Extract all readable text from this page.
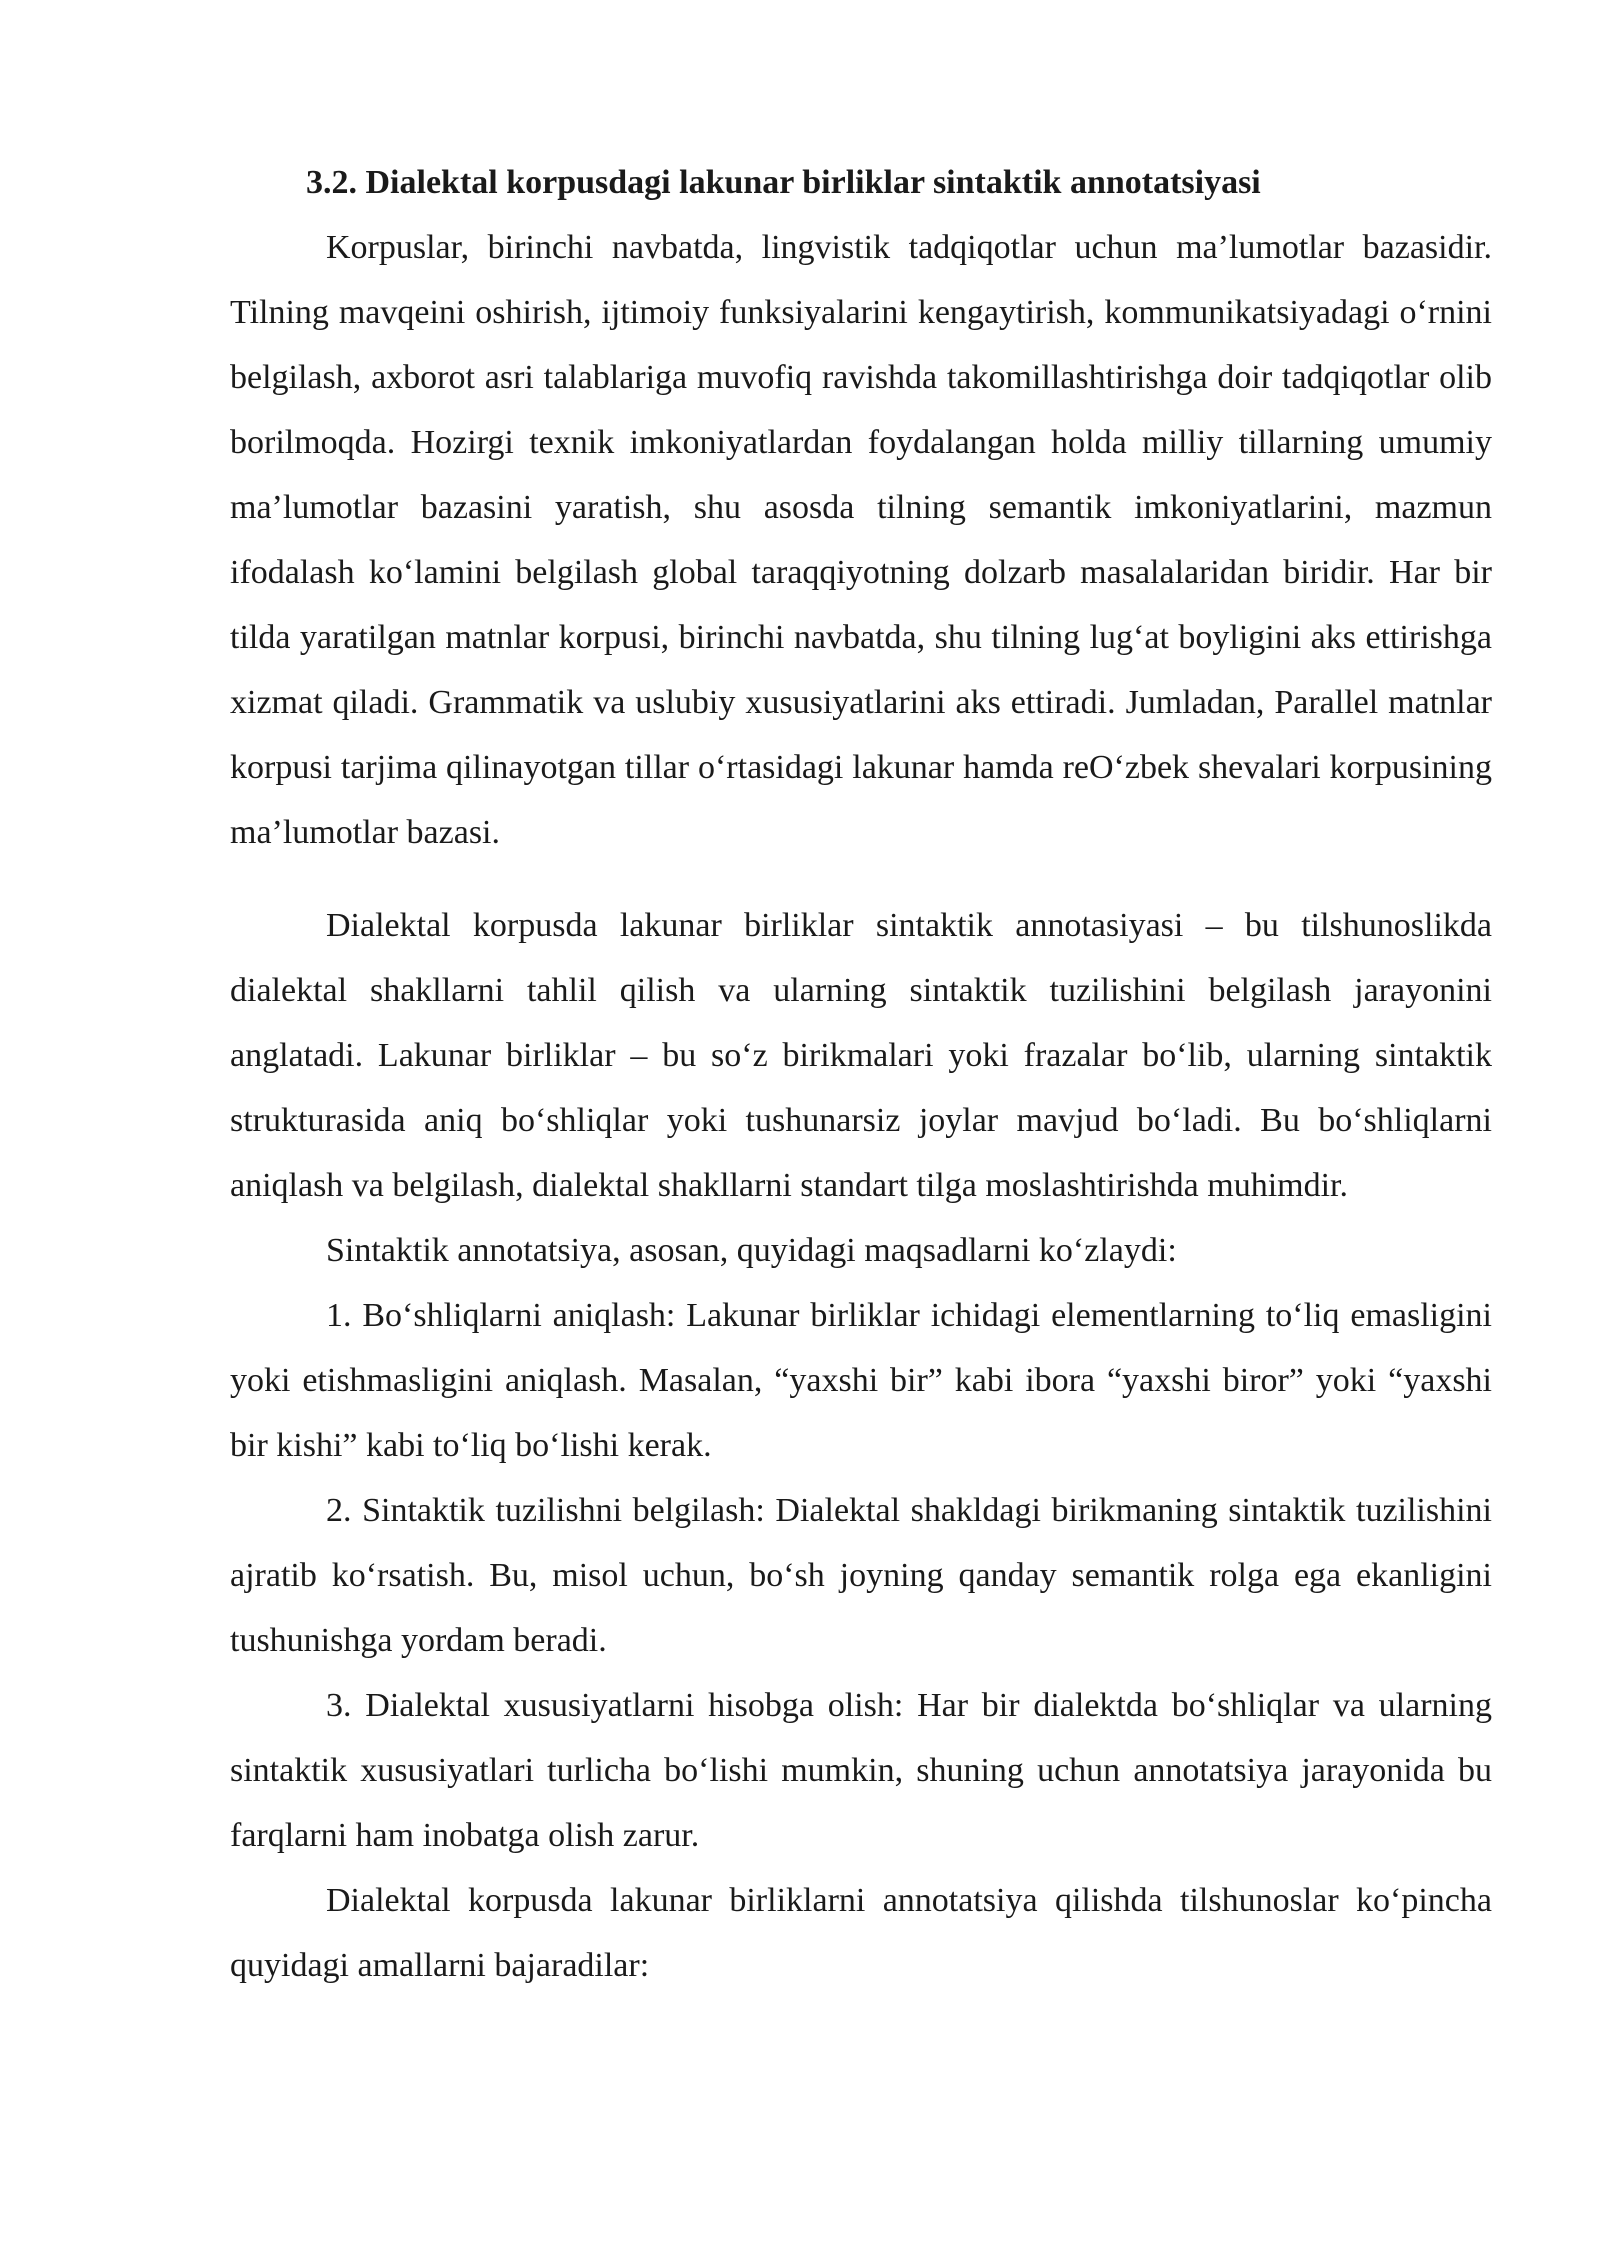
3.2. Dialektal korpusdagi lakunar birliklar sintaktik annotatsiyasi

Korpuslar, birinchi navbatda, lingvistik tadqiqotlar uchun ma’lumotlar bazasidir. Tilning mavqeini oshirish, ijtimoiy funksiyalarini kengaytirish, kommunikatsiyadagi o‘rnini belgilash, axborot asri talablariga muvofiq ravishda takomillashtirishga doir tadqiqotlar olib borilmoqda. Hozirgi texnik imkoniyatlardan foydalangan holda milliy tillarning umumiy ma’lumotlar bazasini yaratish, shu asosda tilning semantik imkoniyatlarini, mazmun ifodalash ko‘lamini belgilash global taraqqiyotning dolzarb masalalaridan biridir. Har bir tilda yaratilgan matnlar korpusi, birinchi navbatda, shu tilning lug‘at boyligini aks ettirishga xizmat qiladi. Grammatik va uslubiy xususiyatlarini aks ettiradi. Jumladan, Parallel matnlar korpusi tarjima qilinayotgan tillar o‘rtasidagi lakunar hamda reO‘zbek shevalari korpusining ma’lumotlar bazasi.

Dialektal korpusda lakunar birliklar sintaktik annotasiyasi – bu tilshunoslikda dialektal shakllarni tahlil qilish va ularning sintaktik tuzilishini belgilash jarayonini anglatadi. Lakunar birliklar – bu so‘z birikmalari yoki frazalar bo‘lib, ularning sintaktik strukturasida aniq bo‘shliqlar yoki tushunarsiz joylar mavjud bo‘ladi. Bu bo‘shliqlarni aniqlash va belgilash, dialektal shakllarni standart tilga moslashtirishda muhimdir.

Sintaktik annotatsiya, asosan, quyidagi maqsadlarni ko‘zlaydi:

1. Bo‘shliqlarni aniqlash: Lakunar birliklar ichidagi elementlarning to‘liq emasligini yoki etishmasligini aniqlash. Masalan, “yaxshi bir” kabi ibora “yaxshi biror” yoki “yaxshi bir kishi” kabi to‘liq bo‘lishi kerak.

2. Sintaktik tuzilishni belgilash: Dialektal shakldagi birikmaning sintaktik tuzilishini ajratib ko‘rsatish. Bu, misol uchun, bo‘sh joyning qanday semantik rolga ega ekanligini tushunishga yordam beradi.

3. Dialektal xususiyatlarni hisobga olish: Har bir dialektda bo‘shliqlar va ularning sintaktik xususiyatlari turlicha bo‘lishi mumkin, shuning uchun annotatsiya jarayonida bu farqlarni ham inobatga olish zarur.

Dialektal korpusda lakunar birliklarni annotatsiya qilishda tilshunoslar ko‘pincha quyidagi amallarni bajaradilar:
